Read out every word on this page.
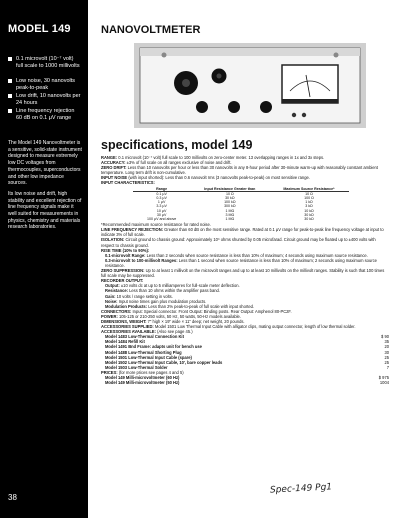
MODEL 149
0.1 microvolt (10⁻⁷ volt) full scale to 1000 millivolts
Low noise, 30 nanovolts peak-to-peak
Low drift, 10 nanovolts per 24 hours
Line frequency rejection 60 dB on 0.1 μV range

The Model 149 Nanovoltmeter is a sensitive, solid-state instrument designed to measure extremely low DC voltages from thermocouples, superconductors and other low impedance sources.

Its low noise and drift, high stability and excellent rejection of line frequency signals make it well suited for measurements in physics, chemistry and materials research laboratories.

38
NANOVOLTMETER
specifications, model 149

RANGE: 0.1 microvolt (10⁻⁷ volt) full scale to 100 millivolts on zero-center meter. 13 overlapping ranges in 1x and 3x steps.

ACCURACY: ±3% of full scale on all ranges exclusive of noise and drift.

ZERO DRIFT: Less than 10 nanovolts per hour or less than 30 nanovolts in any 8-hour period after 30-minute warm-up with reasonably constant ambient temperature. Long term drift is non-cumulative.

INPUT NOISE (with input shorted): Less than 0.6 nanovolt rms (3 nanovolts peak-to-peak) on most sensitive range.

INPUT CHARACTERISTICS:

Range	Input Resistance Greater than	Maximum Source Resistance*
0.1 μV	10 Ω	10 Ω
0.3 μV	30 kΩ	100 Ω
1 μV	100 kΩ	1 kΩ
3.3 μV	300 kΩ	3 kΩ
10 μV	1 MΩ	10 kΩ
30 μV	3 MΩ	30 kΩ
100 μV and above	1 MΩ	30 kΩ

*Recommended maximum source resistance for rated noise.

LINE FREQUENCY REJECTION: Greater than 60 dB on the most sensitive range. Rated at 0.1 μV range for peak-to-peak line frequency voltage at input to indicate 3% of full scale.

ISOLATION: Circuit ground to chassis ground: Approximately 10⁹ ohms shunted by 0.05 microfarad. Circuit ground may be floated up to ±400 volts with respect to chassis ground.

RISE TIME (10% to 90%):

0.1-microvolt Range: Less than 2 seconds when source resistance is less than 10% of maximum; 4 seconds using maximum source resistance.

0.3-microvolt to 100-millivolt Ranges: Less than 1 second when source resistance is less than 10% of maximum; 2 seconds using maximum source resistance.

ZERO SUPPRESSION: Up to at least 1 millivolt on the microvolt ranges and up to at least 10 millivolts on the millivolt ranges. Stability is such that 100 times full scale may be suppressed.

RECORDER OUTPUT:

Output: ±10 volts dc at up to 5 milliamperes for full-scale meter deflection.

Resistance: Less than 10 ohms within the amplifier pass band.

Gain: 10 volts / range setting in volts.

Noise: Input noise times gain plus modulation products.

Modulation Products: Less than 2% peak-to-peak of full scale with input shorted.

CONNECTORS: Input: Special connector. Front Output: Binding posts. Rear Output: Amphenol 80-PC2F.

POWER: 105-125 or 210-250 volts, 50 Hz, 50 watts, 50-Hz models available.

DIMENSIONS, WEIGHT: 7" high × 19" wide × 11" deep; net weight, 20 pounds.

ACCESSORIES SUPPLIED: Model 1501 Low Thermal Input Cable with alligator clips, mating output connector, length of low thermal solder.

ACCESSORIES AVAILABLE: (Also see page 45.)

Model 1483 Low-Thermal Connection Kit	$ 90
Model 1484 Refill Kit	35
Model 1491 Bnd Frame: adapts unit for bench use	20
Model 1488 Low-Thermal Shorting Plug	30
Model 1501 Low-Thermal Input Cable (spare)	25
Model 1502 Low-Thermal Input Cable, 10', bare copper leads	25
Model 1503 Low-Thermal Solder	7

PRICES: (for more prices see pages 4 and 5)

Model 149 Milli-microvoltmeter (60 Hz)	$ 975
Model 149 Milli-microvoltmeter (50 Hz)	1004
Spec-149 Pg1
